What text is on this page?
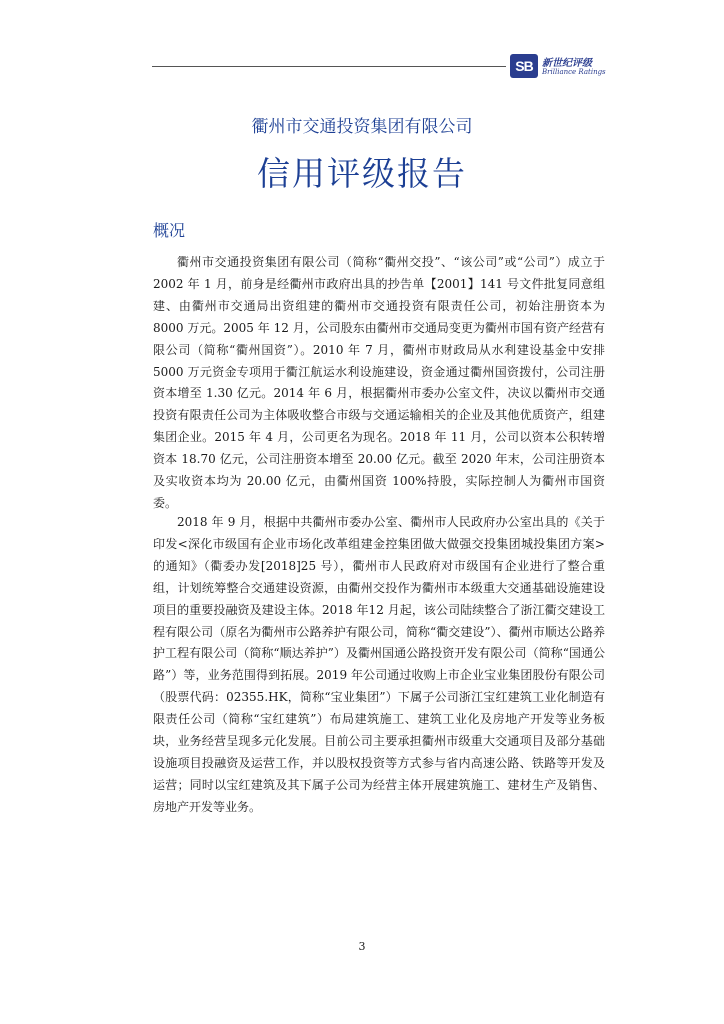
SB 新世纪评级
Brilliance Ratings
衢州市交通投资集团有限公司
信用评级报告
概况

衢州市交通投资集团有限公司（简称“衢州交投”、“该公司”或“公司”）成立于 2002 年 1 月，前身是经衢州市政府出具的抄告单【2001】141 号文件批复同意组建、由衢州市交通局出资组建的衢州市交通投资有限责任公司，初始注册资本为 8000 万元。2005 年 12 月，公司股东由衢州市交通局变更为衢州市国有资产经营有限公司（简称“衢州国资”）。2010 年 7 月，衢州市财政局从水利建设基金中安排 5000 万元资金专项用于衢江航运水利设施建设，资金通过衢州国资拨付，公司注册资本增至 1.30 亿元。2014 年 6 月，根据衢州市委办公室文件，决议以衢州市交通投资有限责任公司为主体吸收整合市级与交通运输相关的企业及其他优质资产，组建集团企业。2015 年 4 月，公司更名为现名。2018 年 11 月，公司以资本公积转增资本 18.70 亿元，公司注册资本增至 20.00 亿元。截至 2020 年末，公司注册资本及实收资本均为 20.00 亿元，由衢州国资 100%持股，实际控制人为衢州市国资委。

2018 年 9 月，根据中共衢州市委办公室、衢州市人民政府办公室出具的《关于印发<深化市级国有企业市场化改革组建金控集团做大做强交投集团城投集团方案>的通知》（衢委办发[2018]25 号），衢州市人民政府对市级国有企业进行了整合重组，计划统筹整合交通建设资源，由衢州交投作为衢州市本级重大交通基础设施建设项目的重要投融资及建设主体。2018 年12 月起，该公司陆续整合了浙江衢交建设工程有限公司（原名为衢州市公路养护有限公司，简称“衢交建设”）、衢州市顺达公路养护工程有限公司（简称“顺达养护”）及衢州国通公路投资开发有限公司（简称“国通公路”）等，业务范围得到拓展。2019 年公司通过收购上市企业宝业集团股份有限公司（股票代码：02355.HK，简称“宝业集团”）下属子公司浙江宝红建筑工业化制造有限责任公司（简称“宝红建筑”）布局建筑施工、建筑工业化及房地产开发等业务板块，业务经营呈现多元化发展。目前公司主要承担衢州市级重大交通项目及部分基础设施项目投融资及运营工作，并以股权投资等方式参与省内高速公路、铁路等开发及运营；同时以宝红建筑及其下属子公司为经营主体开展建筑施工、建材生产及销售、房地产开发等业务。

3
